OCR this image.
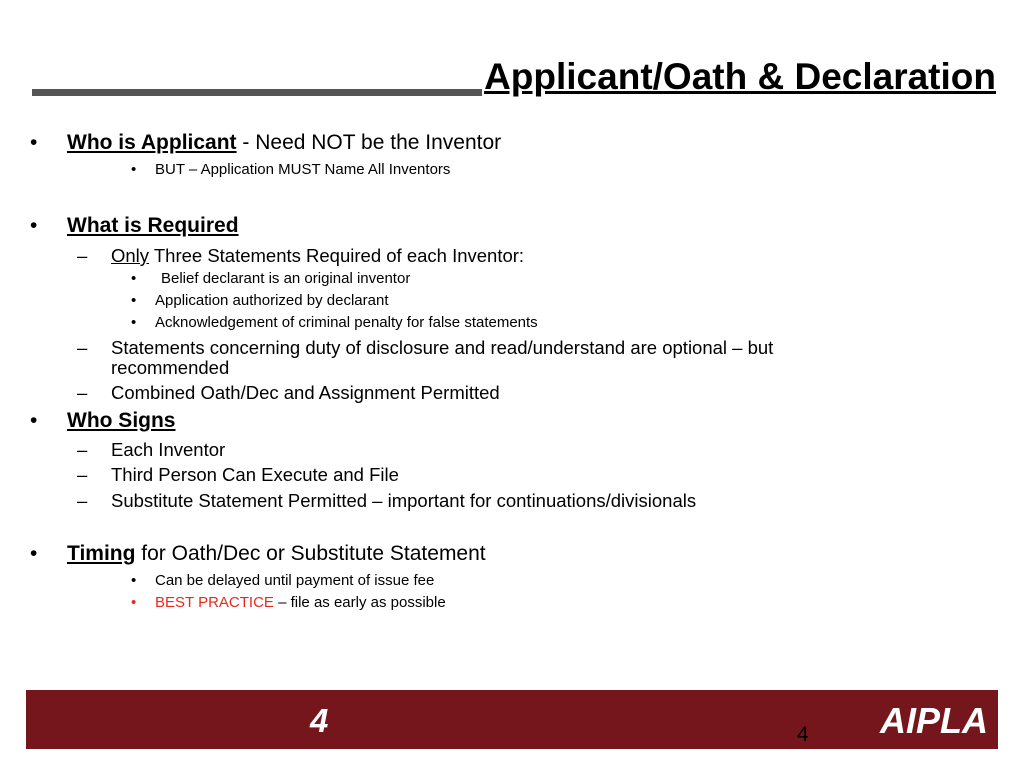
Applicant/Oath & Declaration
• Who is Applicant - Need NOT be the Inventor
• BUT – Application MUST Name All Inventors
• What is Required
– Only Three Statements Required of each Inventor:
• Belief declarant is an original inventor
• Application authorized by declarant
• Acknowledgement of criminal penalty for false statements
– Statements concerning duty of disclosure and read/understand are optional – but
recommended
– Combined Oath/Dec and Assignment Permitted
• Who Signs
– Each Inventor
– Third Person Can Execute and File
– Substitute Statement Permitted – important for continuations/divisionals
• Timing for Oath/Dec or Substitute Statement
• Can be delayed until payment of issue fee
• BEST PRACTICE – file as early as possible
4	AIPLA
4
